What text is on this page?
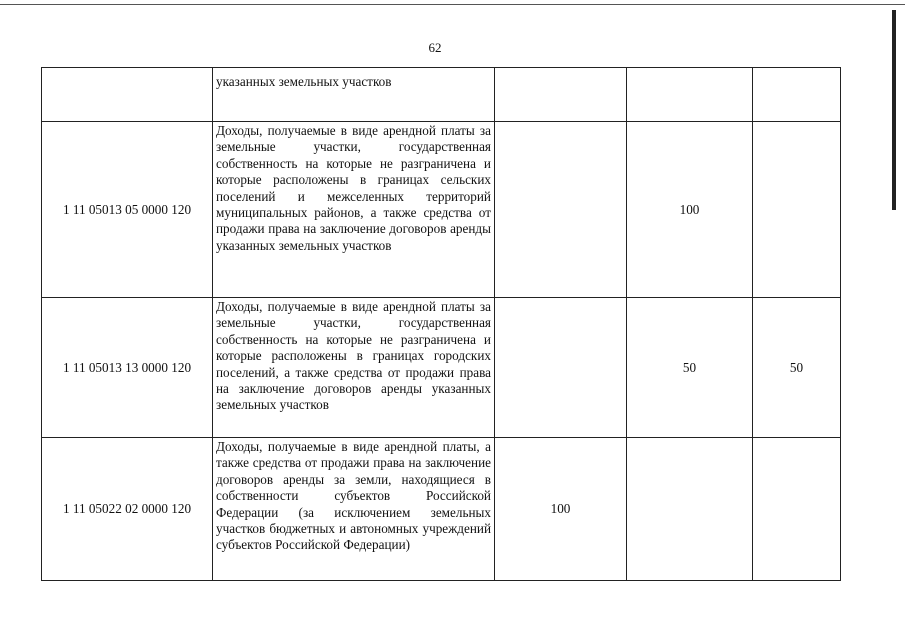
62
	указанных земельных участков			
1 11 05013 05 0000 120	Доходы, получаемые в виде арендной платы за земельные участки, государственная собственность на которые не разграничена и которые расположены в границах сельских поселений и межселенных территорий муниципальных районов, а также средства от продажи права на заключение договоров аренды указанных земельных участков		100	
1 11 05013 13 0000 120	Доходы, получаемые в виде арендной платы за земельные участки, государственная собственность на которые не разграничена и которые расположены в границах городских поселений, а также средства от продажи права на заключение договоров аренды указанных земельных участков		50	50
1 11 05022 02 0000 120	Доходы, получаемые в виде арендной платы, а также средства от продажи права на заключение договоров аренды за земли, находящиеся в собственности субъектов Российской Федерации (за исключением земельных участков бюджетных и автономных учреждений субъектов Российской Федерации)	100		
